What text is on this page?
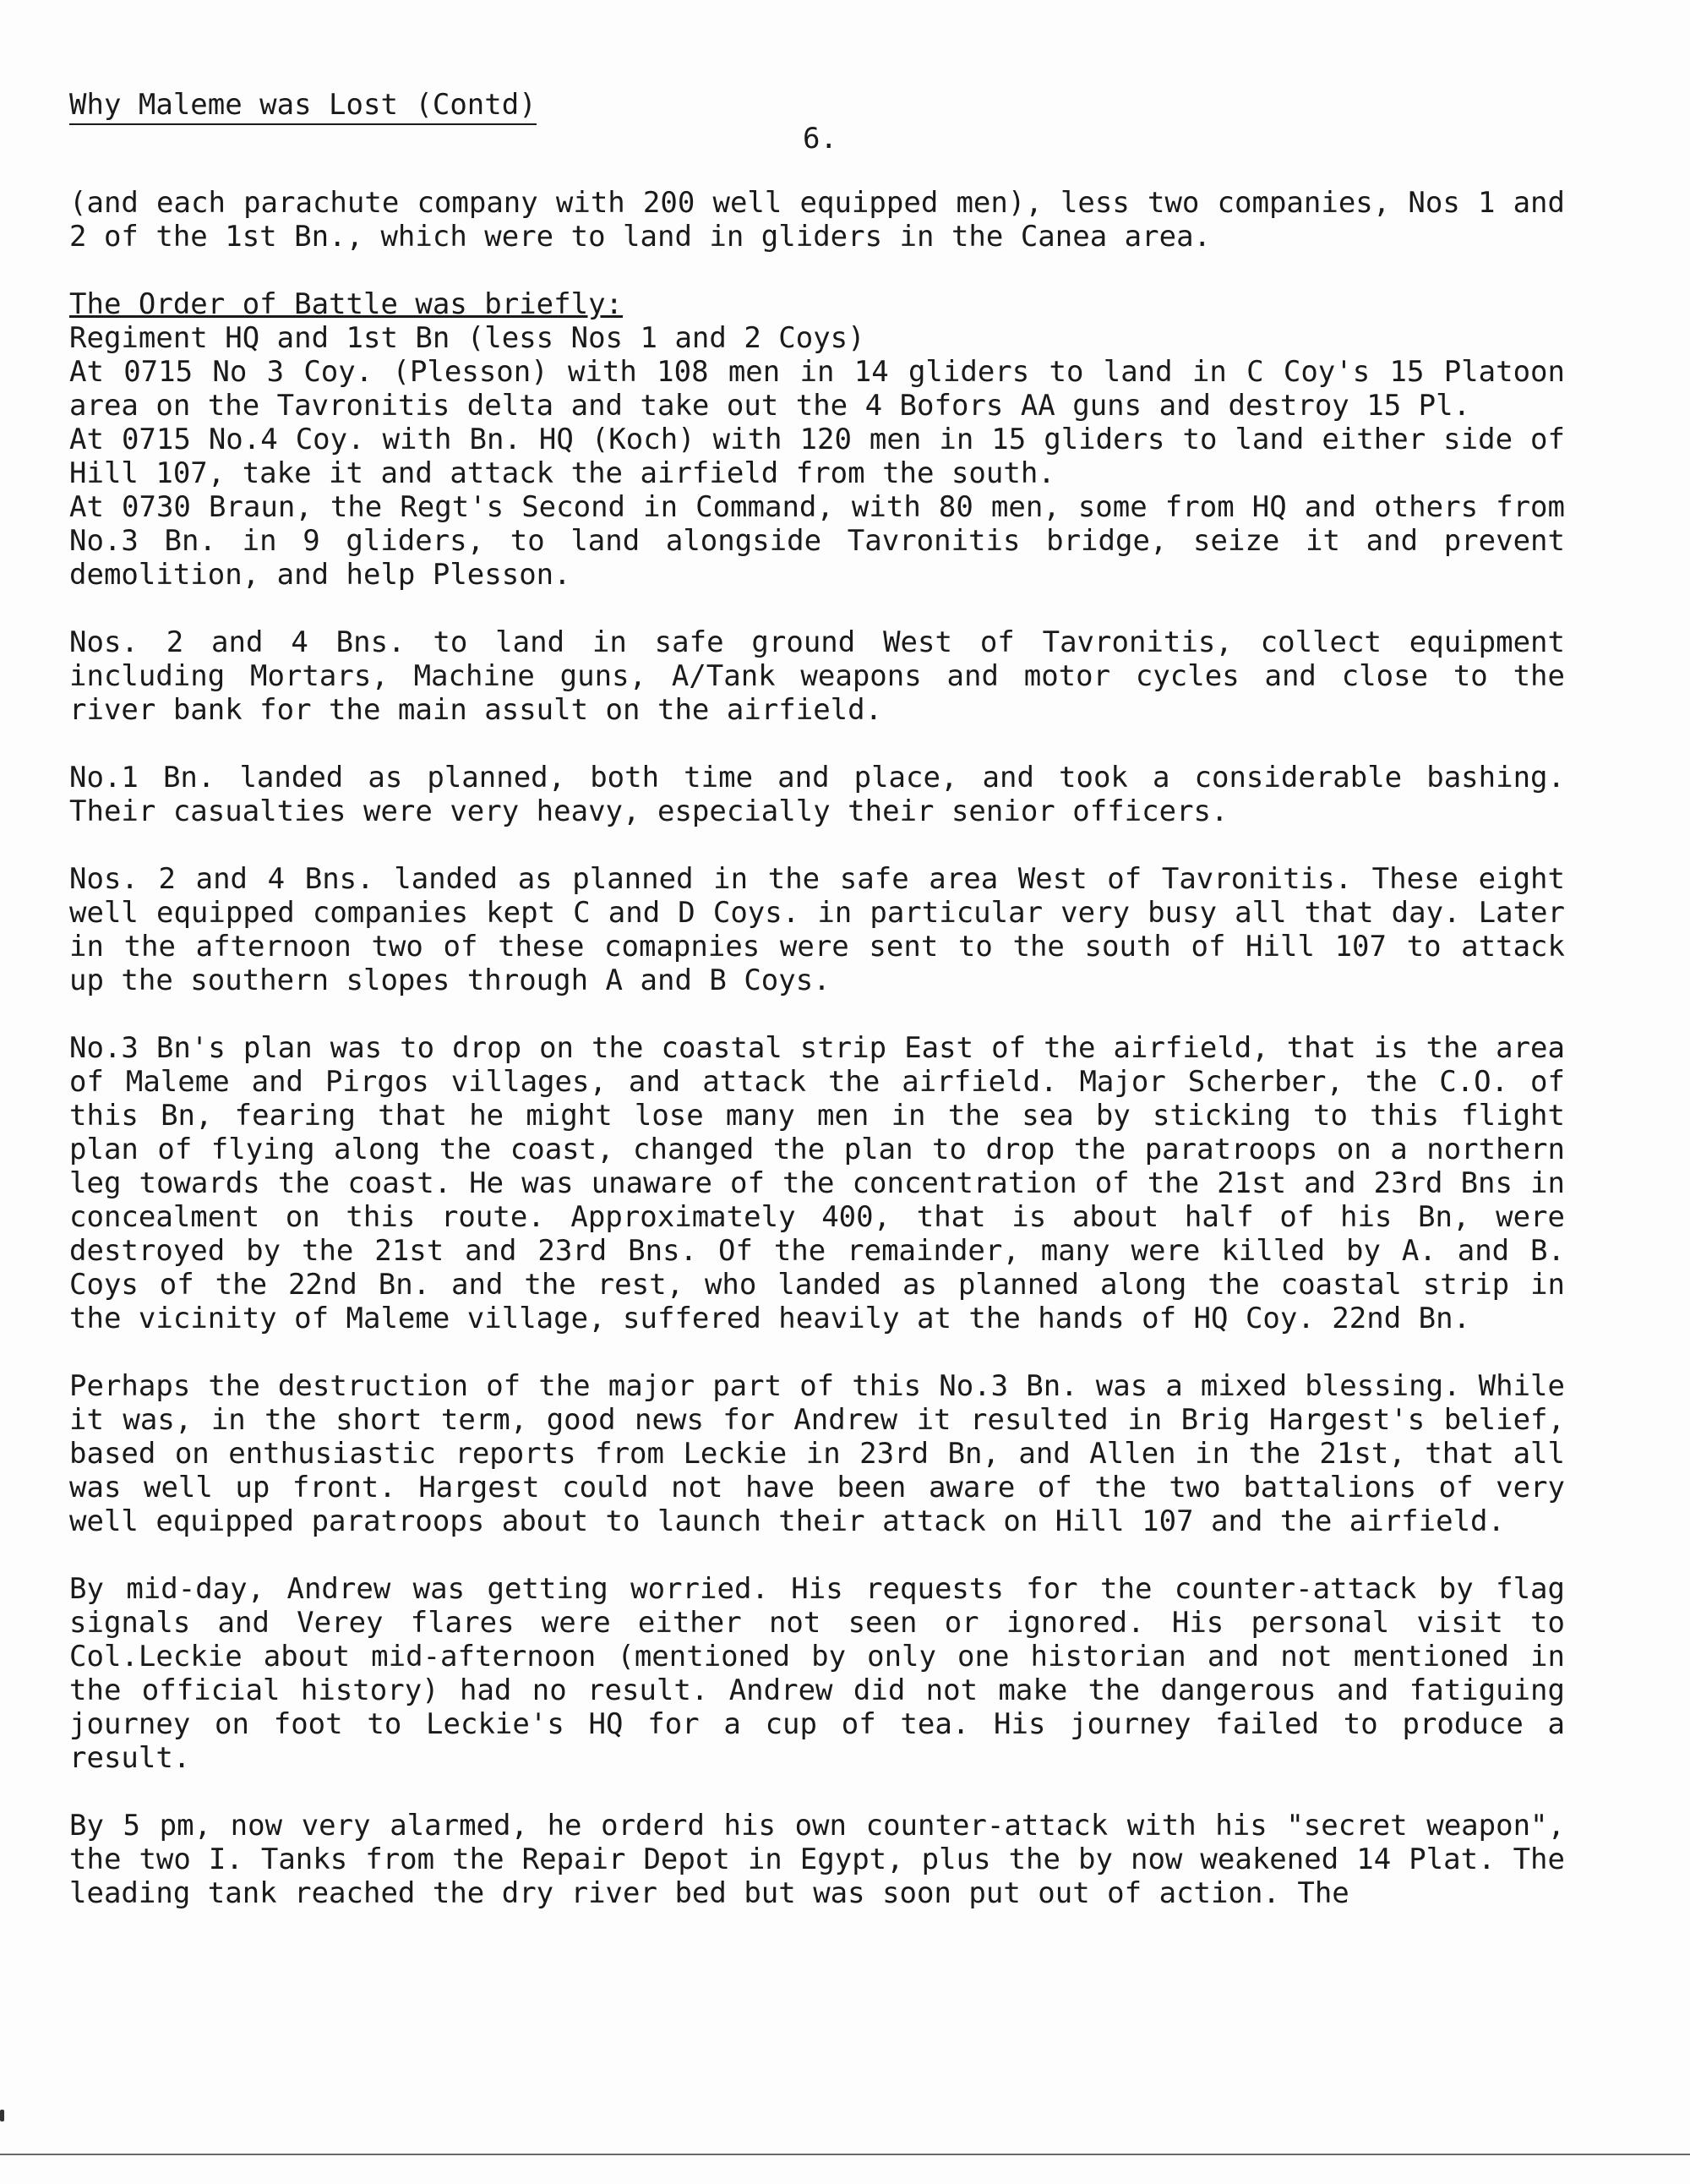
Why Maleme was Lost (Contd)
6.

(and each parachute company with 200 well equipped men), less two companies, Nos 1 and 2 of the 1st Bn., which were to land in gliders in the Canea area.

The Order of Battle was briefly:

Regiment HQ and 1st Bn (less Nos 1 and 2 Coys)

At 0715 No 3 Coy. (Plesson) with 108 men in 14 gliders to land in C Coy's 15 Platoon area on the Tavronitis delta and take out the 4 Bofors AA guns and destroy 15 Pl.

At 0715 No.4 Coy. with Bn. HQ (Koch) with 120 men in 15 gliders to land either side of Hill 107, take it and attack the airfield from the south.

At 0730 Braun, the Regt's Second in Command, with 80 men, some from HQ and others from No.3 Bn. in 9 gliders, to land alongside Tavronitis bridge, seize it and prevent demolition, and help Plesson.

Nos. 2 and 4 Bns. to land in safe ground West of Tavronitis, collect equipment including Mortars, Machine guns, A/Tank weapons and motor cycles and close to the river bank for the main assult on the airfield.

No.1 Bn. landed as planned, both time and place, and took a considerable bashing. Their casualties were very heavy, especially their senior officers.

Nos. 2 and 4 Bns. landed as planned in the safe area West of Tavronitis. These eight well equipped companies kept C and D Coys. in particular very busy all that day. Later in the afternoon two of these comapnies were sent to the south of Hill 107 to attack up the southern slopes through A and B Coys.

No.3 Bn's plan was to drop on the coastal strip East of the airfield, that is the area of Maleme and Pirgos villages, and attack the airfield. Major Scherber, the C.O. of this Bn, fearing that he might lose many men in the sea by sticking to this flight plan of flying along the coast, changed the plan to drop the paratroops on a northern leg towards the coast. He was unaware of the concentration of the 21st and 23rd Bns in concealment on this route. Approximately 400, that is about half of his Bn, were destroyed by the 21st and 23rd Bns. Of the remainder, many were killed by A. and B. Coys of the 22nd Bn. and the rest, who landed as planned along the coastal strip in the vicinity of Maleme village, suffered heavily at the hands of HQ Coy. 22nd Bn.

Perhaps the destruction of the major part of this No.3 Bn. was a mixed blessing. While it was, in the short term, good news for Andrew it resulted in Brig Hargest's belief, based on enthusiastic reports from Leckie in 23rd Bn, and Allen in the 21st, that all was well up front. Hargest could not have been aware of the two battalions of very well equipped paratroops about to launch their attack on Hill 107 and the airfield.

By mid-day, Andrew was getting worried. His requests for the counter-attack by flag signals and Verey flares were either not seen or ignored. His personal visit to Col.Leckie about mid-afternoon (mentioned by only one historian and not mentioned in the official history) had no result. Andrew did not make the dangerous and fatiguing journey on foot to Leckie's HQ for a cup of tea. His journey failed to produce a result.

By 5 pm, now very alarmed, he orderd his own counter-attack with his "secret weapon", the two I. Tanks from the Repair Depot in Egypt, plus the by now weakened 14 Plat. The leading tank reached the dry river bed but was soon put out of action. The
